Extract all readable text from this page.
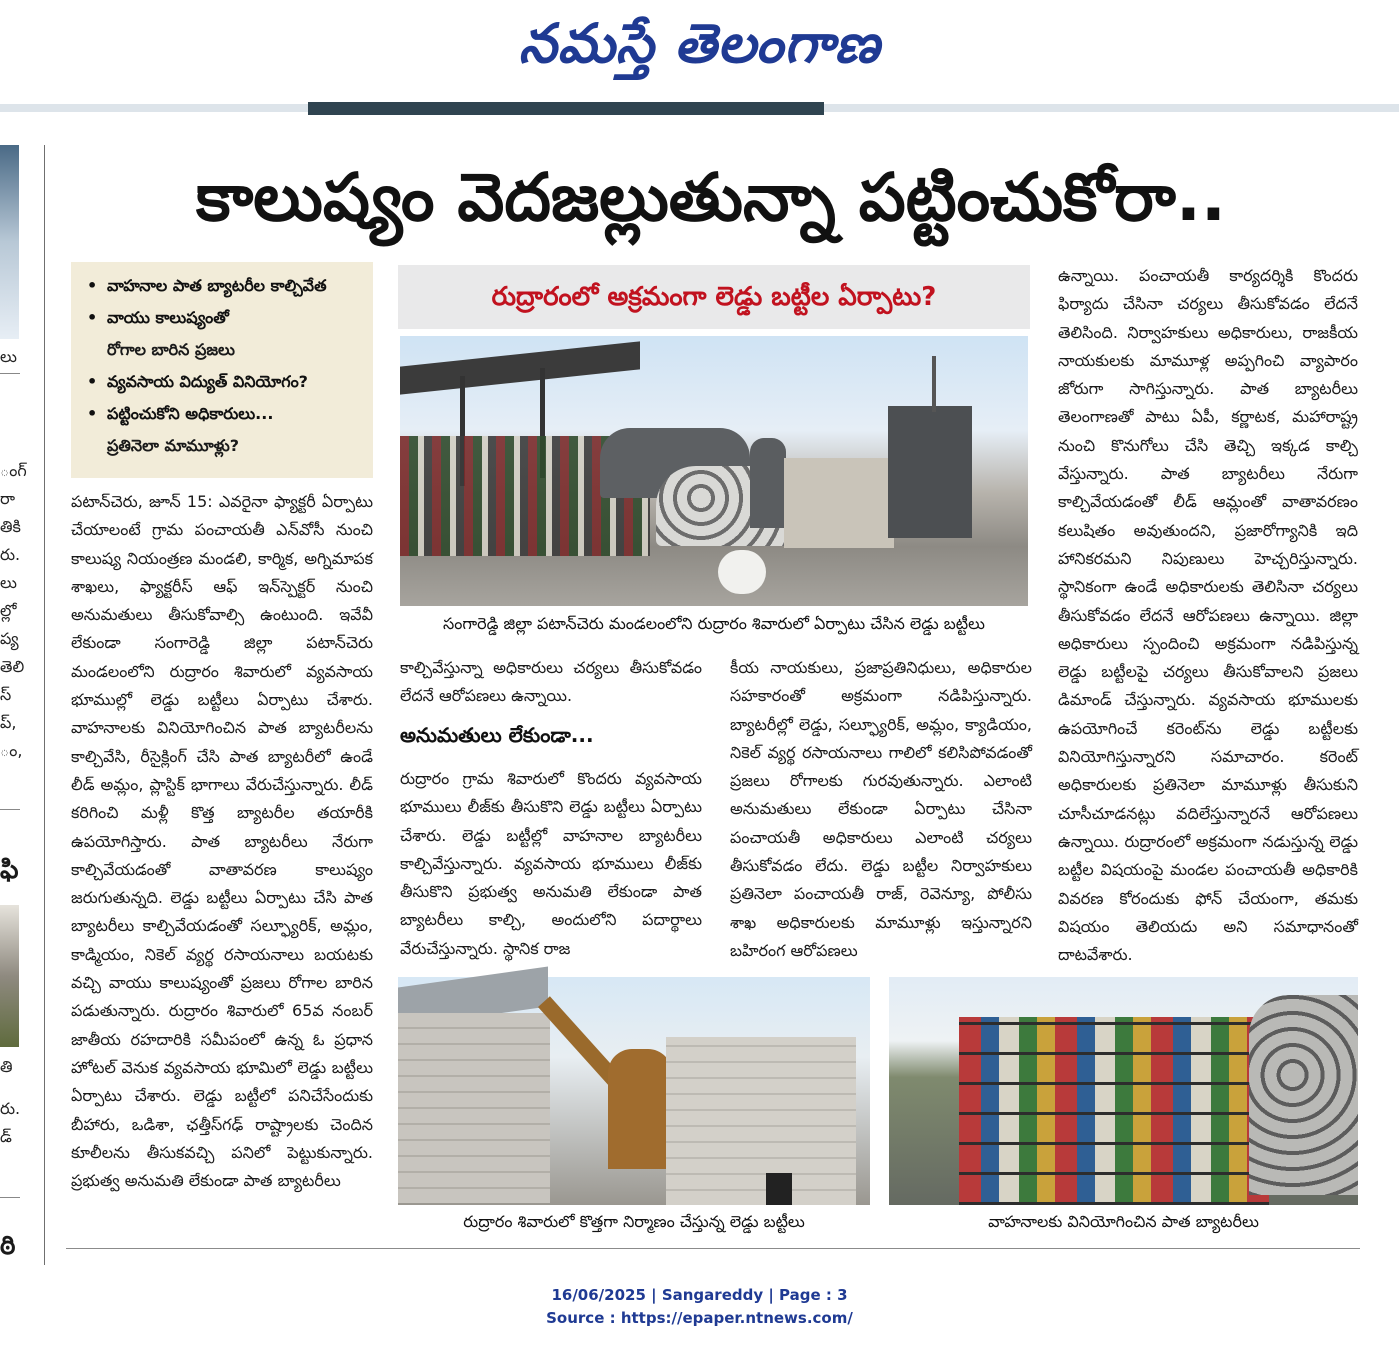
నమస్తే తెలంగాణ
లు
ంగ్
రా
తికి
రు.
లు
ల్లో
ప్య
తెలి
స్
ప్,
ం,
ఫి
తి
రు.
డ్
ఠి
కాలుష్యం వెదజల్లుతున్నా పట్టించుకోరా..
• వాహనాల పాత బ్యాటరీల కాల్చివేత
• వాయు కాలుష్యంతో
రోగాల బారిన ప్రజలు
• వ్యవసాయ విద్యుత్ వినియోగం?
• పట్టించుకోని అధికారులు...
ప్రతినెలా మామూళ్లు?
రుద్రారంలో అక్రమంగా లెడ్డు బట్టీల ఏర్పాటు?
సంగారెడ్డి జిల్లా పటాన్‌చెరు మండలంలోని రుద్రారం శివారులో ఏర్పాటు చేసిన లెడ్డు బట్టీలు
పటాన్‌చెరు, జూన్ 15: ఎవరైనా ఫ్యాక్టరీ ఏర్పాటు చేయాలంటే గ్రామ పంచాయతీ ఎన్‌వోసీ నుంచి కాలుష్య నియంత్రణ మండలి, కార్మిక, అగ్నిమాపక శాఖలు, ఫ్యాక్టరీస్ ఆఫ్ ఇన్‌స్పెక్టర్ నుంచి అనుమతులు తీసుకోవాల్సి ఉంటుంది. ఇవేవీ లేకుండా సంగారెడ్డి జిల్లా పటాన్‌చెరు మండలంలోని రుద్రారం శివారులో వ్యవసాయ భూముల్లో లెడ్డు బట్టీలు ఏర్పాటు చేశారు. వాహనాలకు వినియోగించిన పాత బ్యాటరీలను కాల్చివేసి, రీసైక్లింగ్ చేసి పాత బ్యాటరీలో ఉండే లీడ్ అమ్లం, ప్లాస్టిక్ భాగాలు వేరుచేస్తున్నారు. లీడ్ కరిగించి మళ్లీ కొత్త బ్యాటరీల తయారీకి ఉపయోగిస్తారు. పాత బ్యాటరీలు నేరుగా కాల్చివేయడంతో వాతావరణ కాలుష్యం జరుగుతున్నది. లెడ్డు బట్టీలు ఏర్పాటు చేసి పాత బ్యాటరీలు కాల్చివేయడంతో సల్ఫ్యూరిక్, అమ్లం, కాడ్మియం, నికెల్ వ్యర్థ రసాయనాలు బయటకు వచ్చి వాయు కాలుష్యంతో ప్రజలు రోగాల బారిన పడుతున్నారు. రుద్రారం శివారులో 65వ నంబర్ జాతీయ రహదారికి సమీపంలో ఉన్న ఓ ప్రధాన హోటల్ వెనుక వ్యవసాయ భూమిలో లెడ్డు బట్టీలు ఏర్పాటు చేశారు. లెడ్డు బట్టీలో పనిచేసేందుకు బీహారు, ఒడిశా, ఛత్తీస్‌గఢ్ రాష్ట్రాలకు చెందిన కూలీలను తీసుకవచ్చి పనిలో పెట్టుకున్నారు. ప్రభుత్వ అనుమతి లేకుండా పాత బ్యాటరీలు
కాల్చివేస్తున్నా అధికారులు చర్యలు తీసుకోవడం లేదనే ఆరోపణలు ఉన్నాయి.
అనుమతులు లేకుండా...
రుద్రారం గ్రామ శివారులో కొందరు వ్యవసాయ భూములు లీజ్‌కు తీసుకొని లెడ్డు బట్టీలు ఏర్పాటు చేశారు. లెడ్డు బట్టీల్లో వాహనాల బ్యాటరీలు కాల్చివేస్తున్నారు. వ్యవసాయ భూములు లీజ్‌కు తీసుకొని ప్రభుత్వ అనుమతి లేకుండా పాత బ్యాటరీలు కాల్చి, అందులోని పదార్థాలు వేరుచేస్తున్నారు. స్థానిక రాజ
కీయ నాయకులు, ప్రజాప్రతినిధులు, అధికారుల సహకారంతో అక్రమంగా నడిపిస్తున్నారు. బ్యాటరీల్లో లెడ్డు, సల్ఫ్యూరిక్, అమ్లం, క్యాడియం, నికెల్ వ్యర్థ రసాయనాలు గాలిలో కలిసిపోవడంతో ప్రజలు రోగాలకు గురవుతున్నారు. ఎలాంటి అనుమతులు లేకుండా ఏర్పాటు చేసినా పంచాయతీ అధికారులు ఎలాంటి చర్యలు తీసుకోవడం లేదు. లెడ్డు బట్టీల నిర్వాహకులు ప్రతినెలా పంచాయతీ రాజ్, రెవెన్యూ, పోలీసు శాఖ అధికారులకు మామూళ్లు ఇస్తున్నారని బహిరంగ ఆరోపణలు
ఉన్నాయి. పంచాయతీ కార్యదర్శికి కొందరు ఫిర్యాదు చేసినా చర్యలు తీసుకోవడం లేదనే తెలిసింది. నిర్వాహకులు అధికారులు, రాజకీయ నాయకులకు మామూళ్ల అప్పగించి వ్యాపారం జోరుగా సాగిస్తున్నారు. పాత బ్యాటరీలు తెలంగాణతో పాటు ఏపీ, కర్ణాటక, మహారాష్ట్ర నుంచి కొనుగోలు చేసి తెచ్చి ఇక్కడ కాల్చి వేస్తున్నారు. పాత బ్యాటరీలు నేరుగా కాల్చివేయడంతో లీడ్ ఆమ్లంతో వాతావరణం కలుషితం అవుతుందని, ప్రజారోగ్యానికి ఇది హానికరమని నిపుణులు హెచ్చరిస్తున్నారు. స్థానికంగా ఉండే అధికారులకు తెలిసినా చర్యలు తీసుకోవడం లేదనే ఆరోపణలు ఉన్నాయి. జిల్లా అధికారులు స్పందించి అక్రమంగా నడిపిస్తున్న లెడ్డు బట్టీలపై చర్యలు తీసుకోవాలని ప్రజలు డిమాండ్ చేస్తున్నారు. వ్యవసాయ భూములకు ఉపయోగించే కరెంట్‌ను లెడ్డు బట్టీలకు వినియోగిస్తున్నారని సమాచారం. కరెంట్ అధికారులకు ప్రతినెలా మామూళ్లు తీసుకుని చూసీచూడనట్లు వదిలేస్తున్నారనే ఆరోపణలు ఉన్నాయి. రుద్రారంలో అక్రమంగా నడుస్తున్న లెడ్డు బట్టీల విషయంపై మండల పంచాయతీ అధికారికి వివరణ కోరందుకు ఫోన్ చేయంగా, తమకు విషయం తెలియదు అని సమాధానంతో దాటవేశారు.
రుద్రారం శివారులో కొత్తగా నిర్మాణం చేస్తున్న లెడ్డు బట్టీలు	వాహనాలకు వినియోగించిన పాత బ్యాటరీలు
16/06/2025 | Sangareddy | Page : 3
Source : https://epaper.ntnews.com/
